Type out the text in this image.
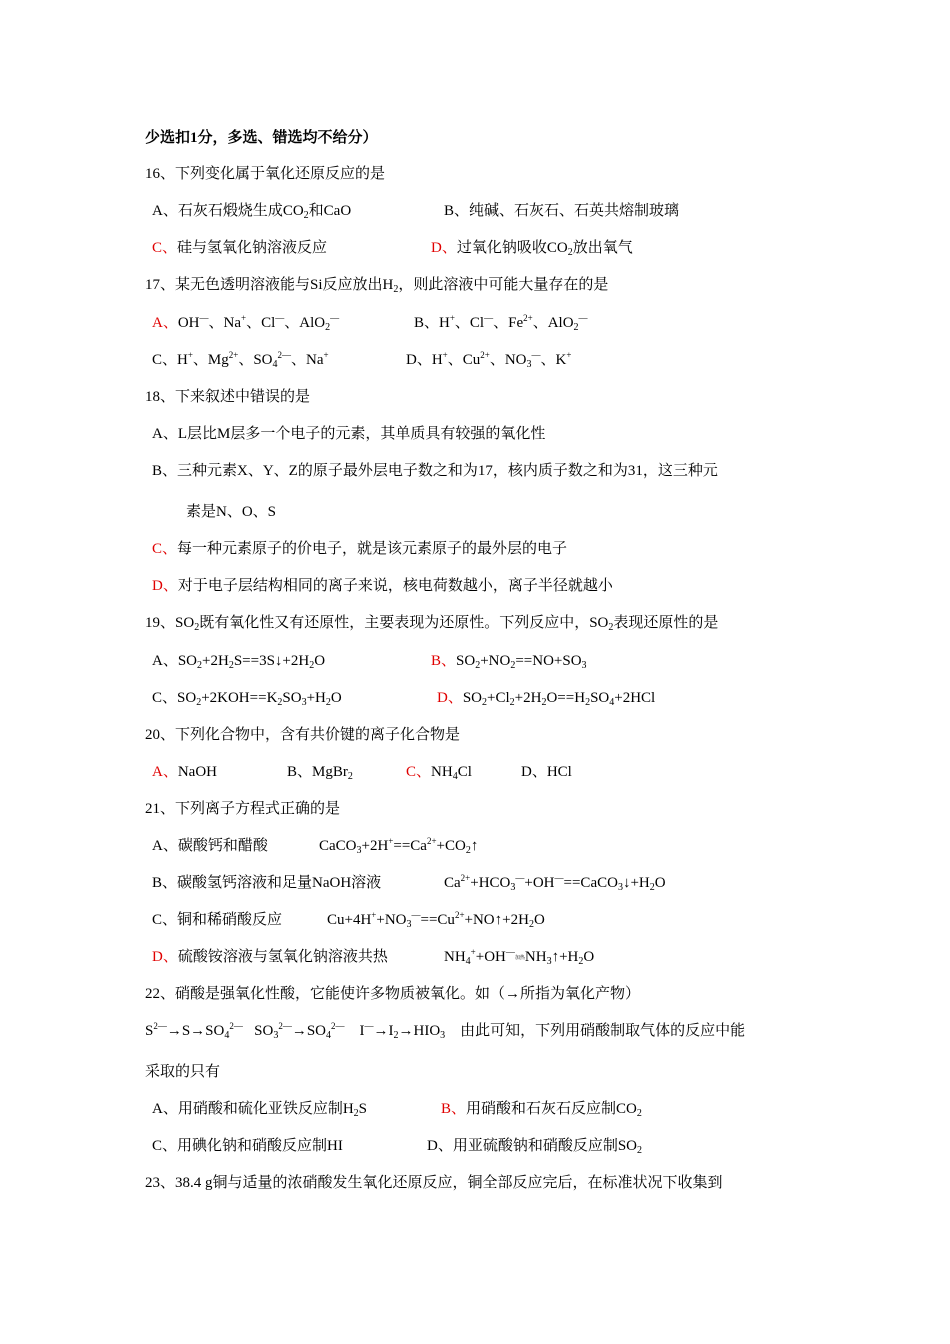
少选扣1分，多选、错选均不给分）
16、下列变化属于氧化还原反应的是
A、石灰石煅烧生成$CO_2$和CaO	B、纯碱、石灰石、石英共熔制玻璃
C、硅与氢氧化钠溶液反应	D、过氧化钠吸收$CO_2$放出氧气
17、某无色透明溶液能与Si反应放出$H_2$，则此溶液中可能大量存在的是
A、OH—、Na+、Cl—、AlO$_2$—	B、H+、Cl—、$Fe^{2+}$、AlO$_2$—
C、H+、$Mg^{2+}$、$SO_4^{2—}$、Na+	D、H+、$Cu^{2+}$、$NO_3^—$、K+
18、下来叙述中错误的是
A、L层比M层多一个电子的元素，其单质具有较强的氧化性
B、三种元素X、Y、Z的原子最外层电子数之和为17，核内质子数之和为31，这三种元
素是N、O、S
C、每一种元素原子的价电子，就是该元素原子的最外层的电子
D、对于电子层结构相同的离子来说，核电荷数越小，离子半径就越小
19、$SO_2$既有氧化性又有还原性，主要表现为还原性。下列反应中，$SO_2$表现还原性的是
A、$SO_2+2H_2S==3S↓+2H_2O$	B、$SO_2+NO_2==NO+SO_3$
C、$SO_2+2KOH==K_2SO_3+H_2O$	D、$SO_2+Cl_2+2H_2O==H_2SO_4+2HCl$
20、下列化合物中，含有共价键的离子化合物是
A、NaOH	B、MgBr$_2$	C、$NH_4Cl$	D、HCl
21、下列离子方程式正确的是
A、碳酸钙和醋酸	$CaCO_3+2H^+==Ca^{2+}+CO_2↑$
B、碳酸氢钙溶液和足量NaOH溶液	$Ca^{2+}+HCO_3^—+OH^—==CaCO_3↓+H_2O$
C、铜和稀硝酸反应	$Cu+4H^++NO_3^—==Cu^{2+}+NO↑+2H_2O$
D、硫酸铵溶液与氢氧化钠溶液共热	$NH_4^++OH^—$加热$NH_3↑+H_2O$
22、硝酸是强氧化性酸，它能使许多物质被氧化。如（→所指为氧化产物）
$S^{2—}\to S\to SO_4^{2—}$   $SO_3^{2—}\to SO_4^{2—}$    $I^—\to I_2\to HIO_3$    由此可知，下列用硝酸制取气体的反应中能
采取的只有
A、用硝酸和硫化亚铁反应制$H_2S$	B、用硝酸和石灰石反应制$CO_2$
C、用碘化钠和硝酸反应制HI	D、用亚硫酸钠和硝酸反应制$SO_2$
23、38.4 g铜与适量的浓硝酸发生氧化还原反应，铜全部反应完后，在标准状况下收集到
